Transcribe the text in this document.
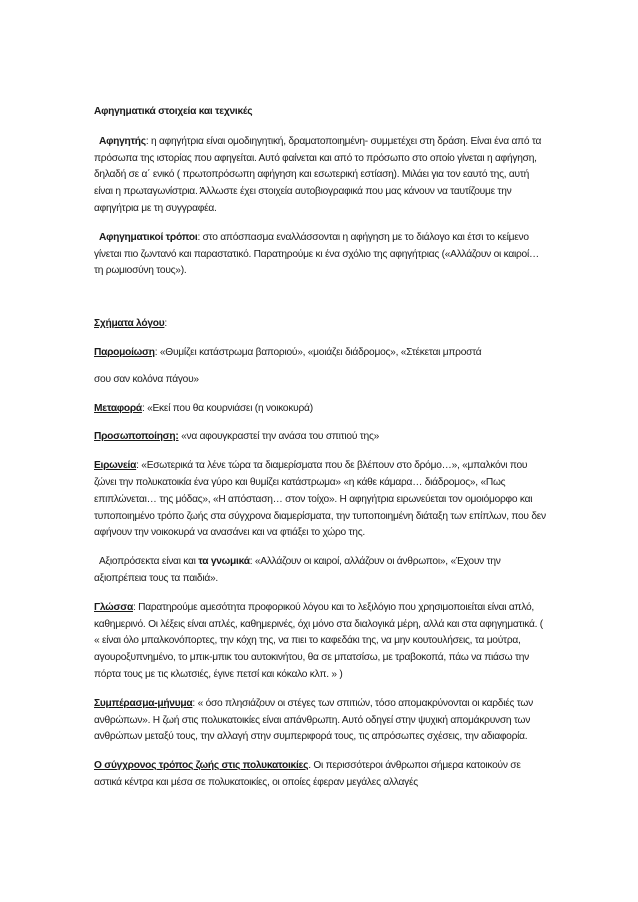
Αφηγηματικά στοιχεία και τεχνικές

Αφηγητής: η αφηγήτρια είναι ομοδιηγητική, δραματοποιημένη- συμμετέχει στη δράση. Είναι ένα από τα πρόσωπα της ιστορίας που αφηγείται. Αυτό φαίνεται και από το πρόσωπο στο οποίο γίνεται η αφήγηση, δηλαδή σε α΄ ενικό ( πρωτοπρόσωπη αφήγηση και εσωτερική εστίαση). Μιλάει για τον εαυτό της, αυτή είναι η πρωταγωνίστρια. Άλλωστε έχει στοιχεία αυτοβιογραφικά που μας κάνουν να ταυτίζουμε την αφηγήτρια με τη συγγραφέα.

Αφηγηματικοί τρόποι: στο απόσπασμα εναλλάσσονται η αφήγηση με το διάλογο και έτσι το κείμενο γίνεται πιο ζωντανό και παραστατικό. Παρατηρούμε κι ένα σχόλιο της αφηγήτριας («Αλλάζουν οι καιροί…τη ρωμιοσύνη τους»).

Σχήματα λόγου:

Παρομοίωση: «Θυμίζει κατάστρωμα βαποριού», «μοιάζει διάδρομος», «Στέκεται μπροστά

σου σαν κολόνα πάγου»

Μεταφορά: «Εκεί που θα κουρνιάσει (η νοικοκυρά)

Προσωποποίηση: «να αφουγκραστεί την ανάσα του σπιτιού της»

Ειρωνεία: «Εσωτερικά τα λένε τώρα τα διαμερίσματα που δε βλέπουν στο δρόμο…», «μπαλκόνι που ζώνει την πολυκατοικία ένα γύρο και θυμίζει κατάστρωμα» «η κάθε κάμαρα… διάδρομος», «Πως επιπλώνεται… της μόδας», «Η απόσταση… στον τοίχο». Η αφηγήτρια ειρωνεύεται τον ομοιόμορφο και τυποποιημένο τρόπο ζωής στα σύγχρονα διαμερίσματα, την τυποποιημένη διάταξη των επίπλων, που δεν αφήνουν την νοικοκυρά να ανασάνει και να φτιάξει το χώρο της.

Αξιοπρόσεκτα είναι και τα γνωμικά: «Αλλάζουν οι καιροί, αλλάζουν οι άνθρωποι», «Έχουν την αξιοπρέπεια τους τα παιδιά».

Γλώσσα: Παρατηρούμε αμεσότητα προφορικού λόγου και το λεξιλόγιο που χρησιμοποιείται είναι απλό, καθημερινό. Οι λέξεις είναι απλές, καθημερινές, όχι μόνο στα διαλογικά μέρη, αλλά και στα αφηγηματικά. ( « είναι όλο μπαλκονόπορτες, την κόχη της, να πιει το καφεδάκι της, να μην κουτουλήσεις, τα μούτρα, αγουροξυπνημένο, το μπικ-μπικ του αυτοκινήτου, θα σε μπατσίσω, με τραβοκοπά, πάω να πιάσω την πόρτα τους με τις κλωτσιές, έγινε πετσί και κόκαλο κλπ. » )

Συμπέρασμα-μήνυμα: « όσο πλησιάζουν οι στέγες των σπιτιών, τόσο απομακρύνονται οι καρδιές των ανθρώπων». Η ζωή στις πολυκατοικίες είναι απάνθρωπη. Αυτό οδηγεί στην ψυχική απομάκρυνση των ανθρώπων μεταξύ τους, την αλλαγή στην συμπεριφορά τους, τις απρόσωπες σχέσεις, την αδιαφορία.

Ο σύγχρονος τρόπος ζωής στις πολυκατοικίες. Οι περισσότεροι άνθρωποι σήμερα κατοικούν σε αστικά κέντρα και μέσα σε πολυκατοικίες, οι οποίες έφεραν μεγάλες αλλαγές
